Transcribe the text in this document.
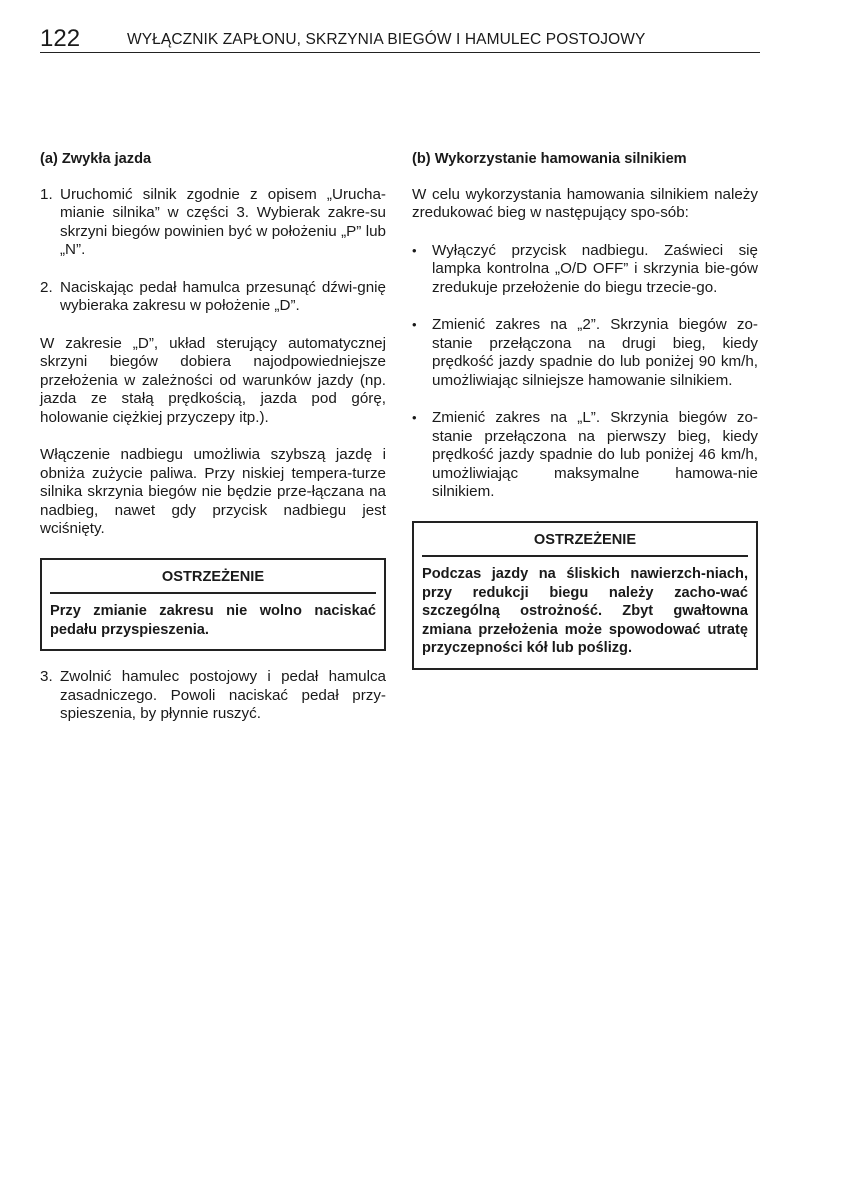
122	WYŁĄCZNIK ZAPŁONU, SKRZYNIA BIEGÓW I HAMULEC POSTOJOWY
(a) Zwykła jazda
1. Uruchomić silnik zgodnie z opisem „Urucha-mianie silnika” w części 3. Wybierak zakre-su skrzyni biegów powinien być w położeniu „P” lub „N”.
2. Naciskając pedał hamulca przesunąć dźwi-gnię wybieraka zakresu w położenie „D”.

W zakresie „D”, układ sterujący automatycznej skrzyni biegów dobiera najodpowiedniejsze przełożenia w zależności od warunków jazdy (np. jazda ze stałą prędkością, jazda pod górę, holowanie ciężkiej przyczepy itp.).

Włączenie nadbiegu umożliwia szybszą jazdę i obniża zużycie paliwa. Przy niskiej tempera-turze silnika skrzynia biegów nie będzie prze-łączana na nadbieg, nawet gdy przycisk nadbiegu jest wciśnięty.

OSTRZEŻENIE
Przy zmianie zakresu nie wolno naciskać pedału przyspieszenia.
3. Zwolnić hamulec postojowy i pedał hamulca zasadniczego. Powoli naciskać pedał przy-spieszenia, by płynnie ruszyć.
(b) Wykorzystanie hamowania silnikiem

W celu wykorzystania hamowania silnikiem należy zredukować bieg w następujący spo-sób:

•	Wyłączyć przycisk nadbiegu. Zaświeci się lampka kontrolna „O/D OFF” i skrzynia bie-gów zredukuje przełożenie do biegu trzecie-go.
•	Zmienić zakres na „2”. Skrzynia biegów zo-stanie przełączona na drugi bieg, kiedy prędkość jazdy spadnie do lub poniżej 90 km/h, umożliwiając silniejsze hamowanie silnikiem.
•	Zmienić zakres na „L”. Skrzynia biegów zo-stanie przełączona na pierwszy bieg, kiedy prędkość jazdy spadnie do lub poniżej 46 km/h, umożliwiając maksymalne hamowa-nie silnikiem.
OSTRZEŻENIE
Podczas jazdy na śliskich nawierzch-niach, przy redukcji biegu należy zacho-wać szczególną ostrożność. Zbyt gwałtowna zmiana przełożenia może spowodować utratę przyczepności kół lub poślizg.
